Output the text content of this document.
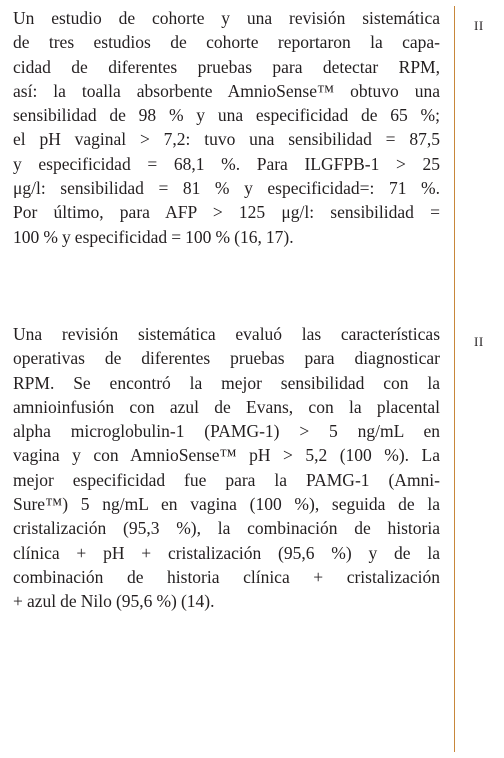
Un estudio de cohorte y una revisión sistemática
de tres estudios de cohorte reportaron la capa-
cidad de diferentes pruebas para detectar RPM,
así: la toalla absorbente AmnioSense™ obtuvo una
sensibilidad de 98 % y una especificidad de 65 %;
el pH vaginal > 7,2: tuvo una sensibilidad = 87,5
y especificidad = 68,1 %. Para ILGFPB-1 > 25
μg/l: sensibilidad = 81 % y especificidad=: 71 %.
Por último, para AFP > 125 μg/l: sensibilidad =
100 % y especificidad = 100 % (16, 17).
II
Una revisión sistemática evaluó las características
operativas de diferentes pruebas para diagnosticar
RPM. Se encontró la mejor sensibilidad con la
amnioinfusión con azul de Evans, con la placental
alpha microglobulin-1 (PAMG-1) > 5 ng/mL en
vagina y con AmnioSense™ pH > 5,2 (100 %). La
mejor especificidad fue para la PAMG-1 (Amni-
Sure™) 5 ng/mL en vagina (100 %), seguida de la
cristalización (95,3 %), la combinación de historia
clínica + pH + cristalización (95,6 %) y de la
combinación de historia clínica + cristalización
+ azul de Nilo (95,6 %) (14).
II
